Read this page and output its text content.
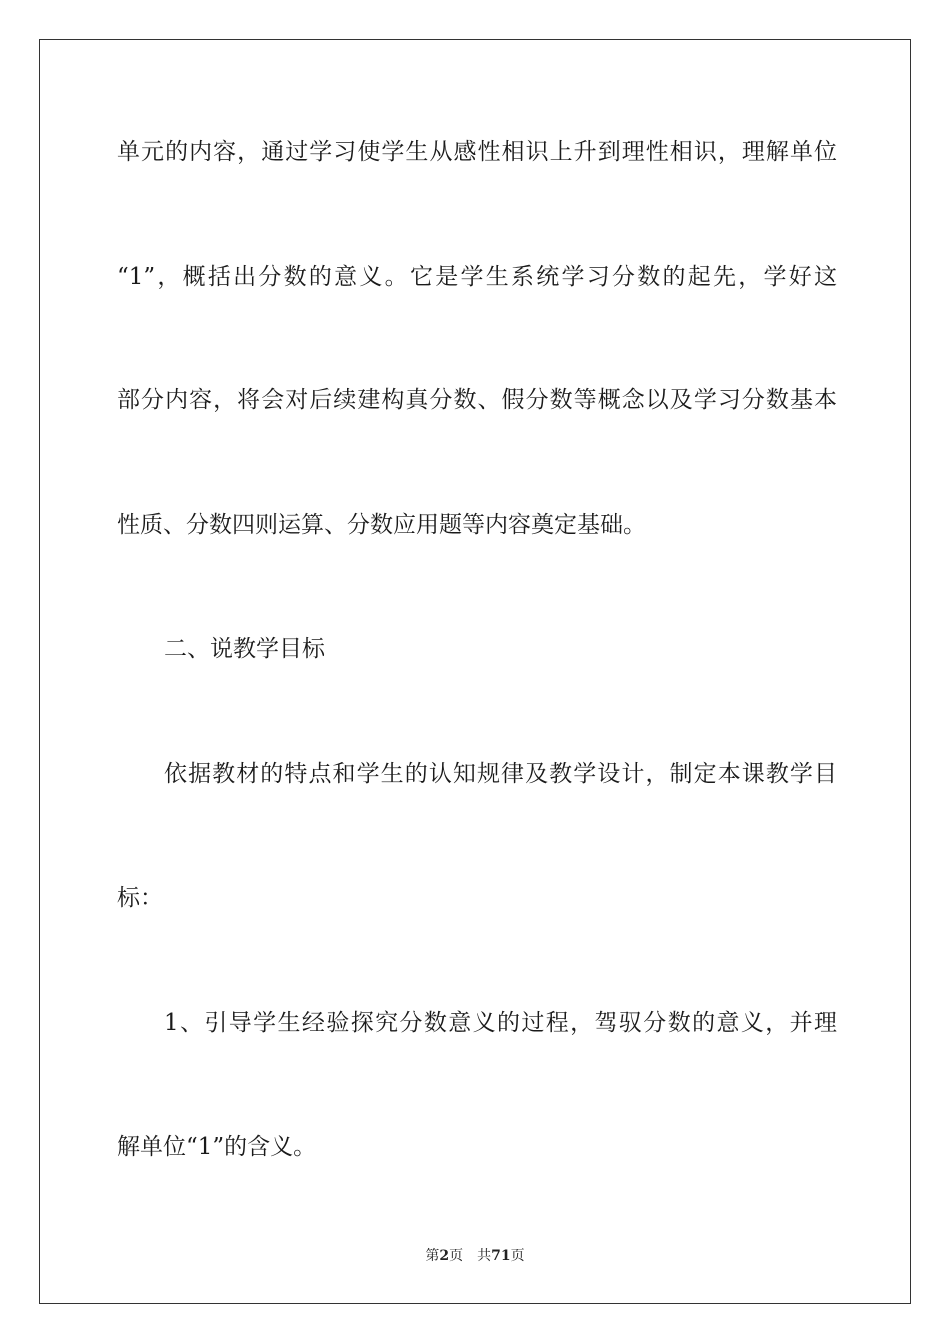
单元的内容，通过学习使学生从感性相识上升到理性相识，理解单位
“1”，概括出分数的意义。它是学生系统学习分数的起先，学好这
部分内容，将会对后续建构真分数、假分数等概念以及学习分数基本
性质、分数四则运算、分数应用题等内容奠定基础。
二、说教学目标
依据教材的特点和学生的认知规律及教学设计，制定本课教学目
标：
1、引导学生经验探究分数意义的过程，驾驭分数的意义，并理
解单位“1”的含义。
第2页 共71页
